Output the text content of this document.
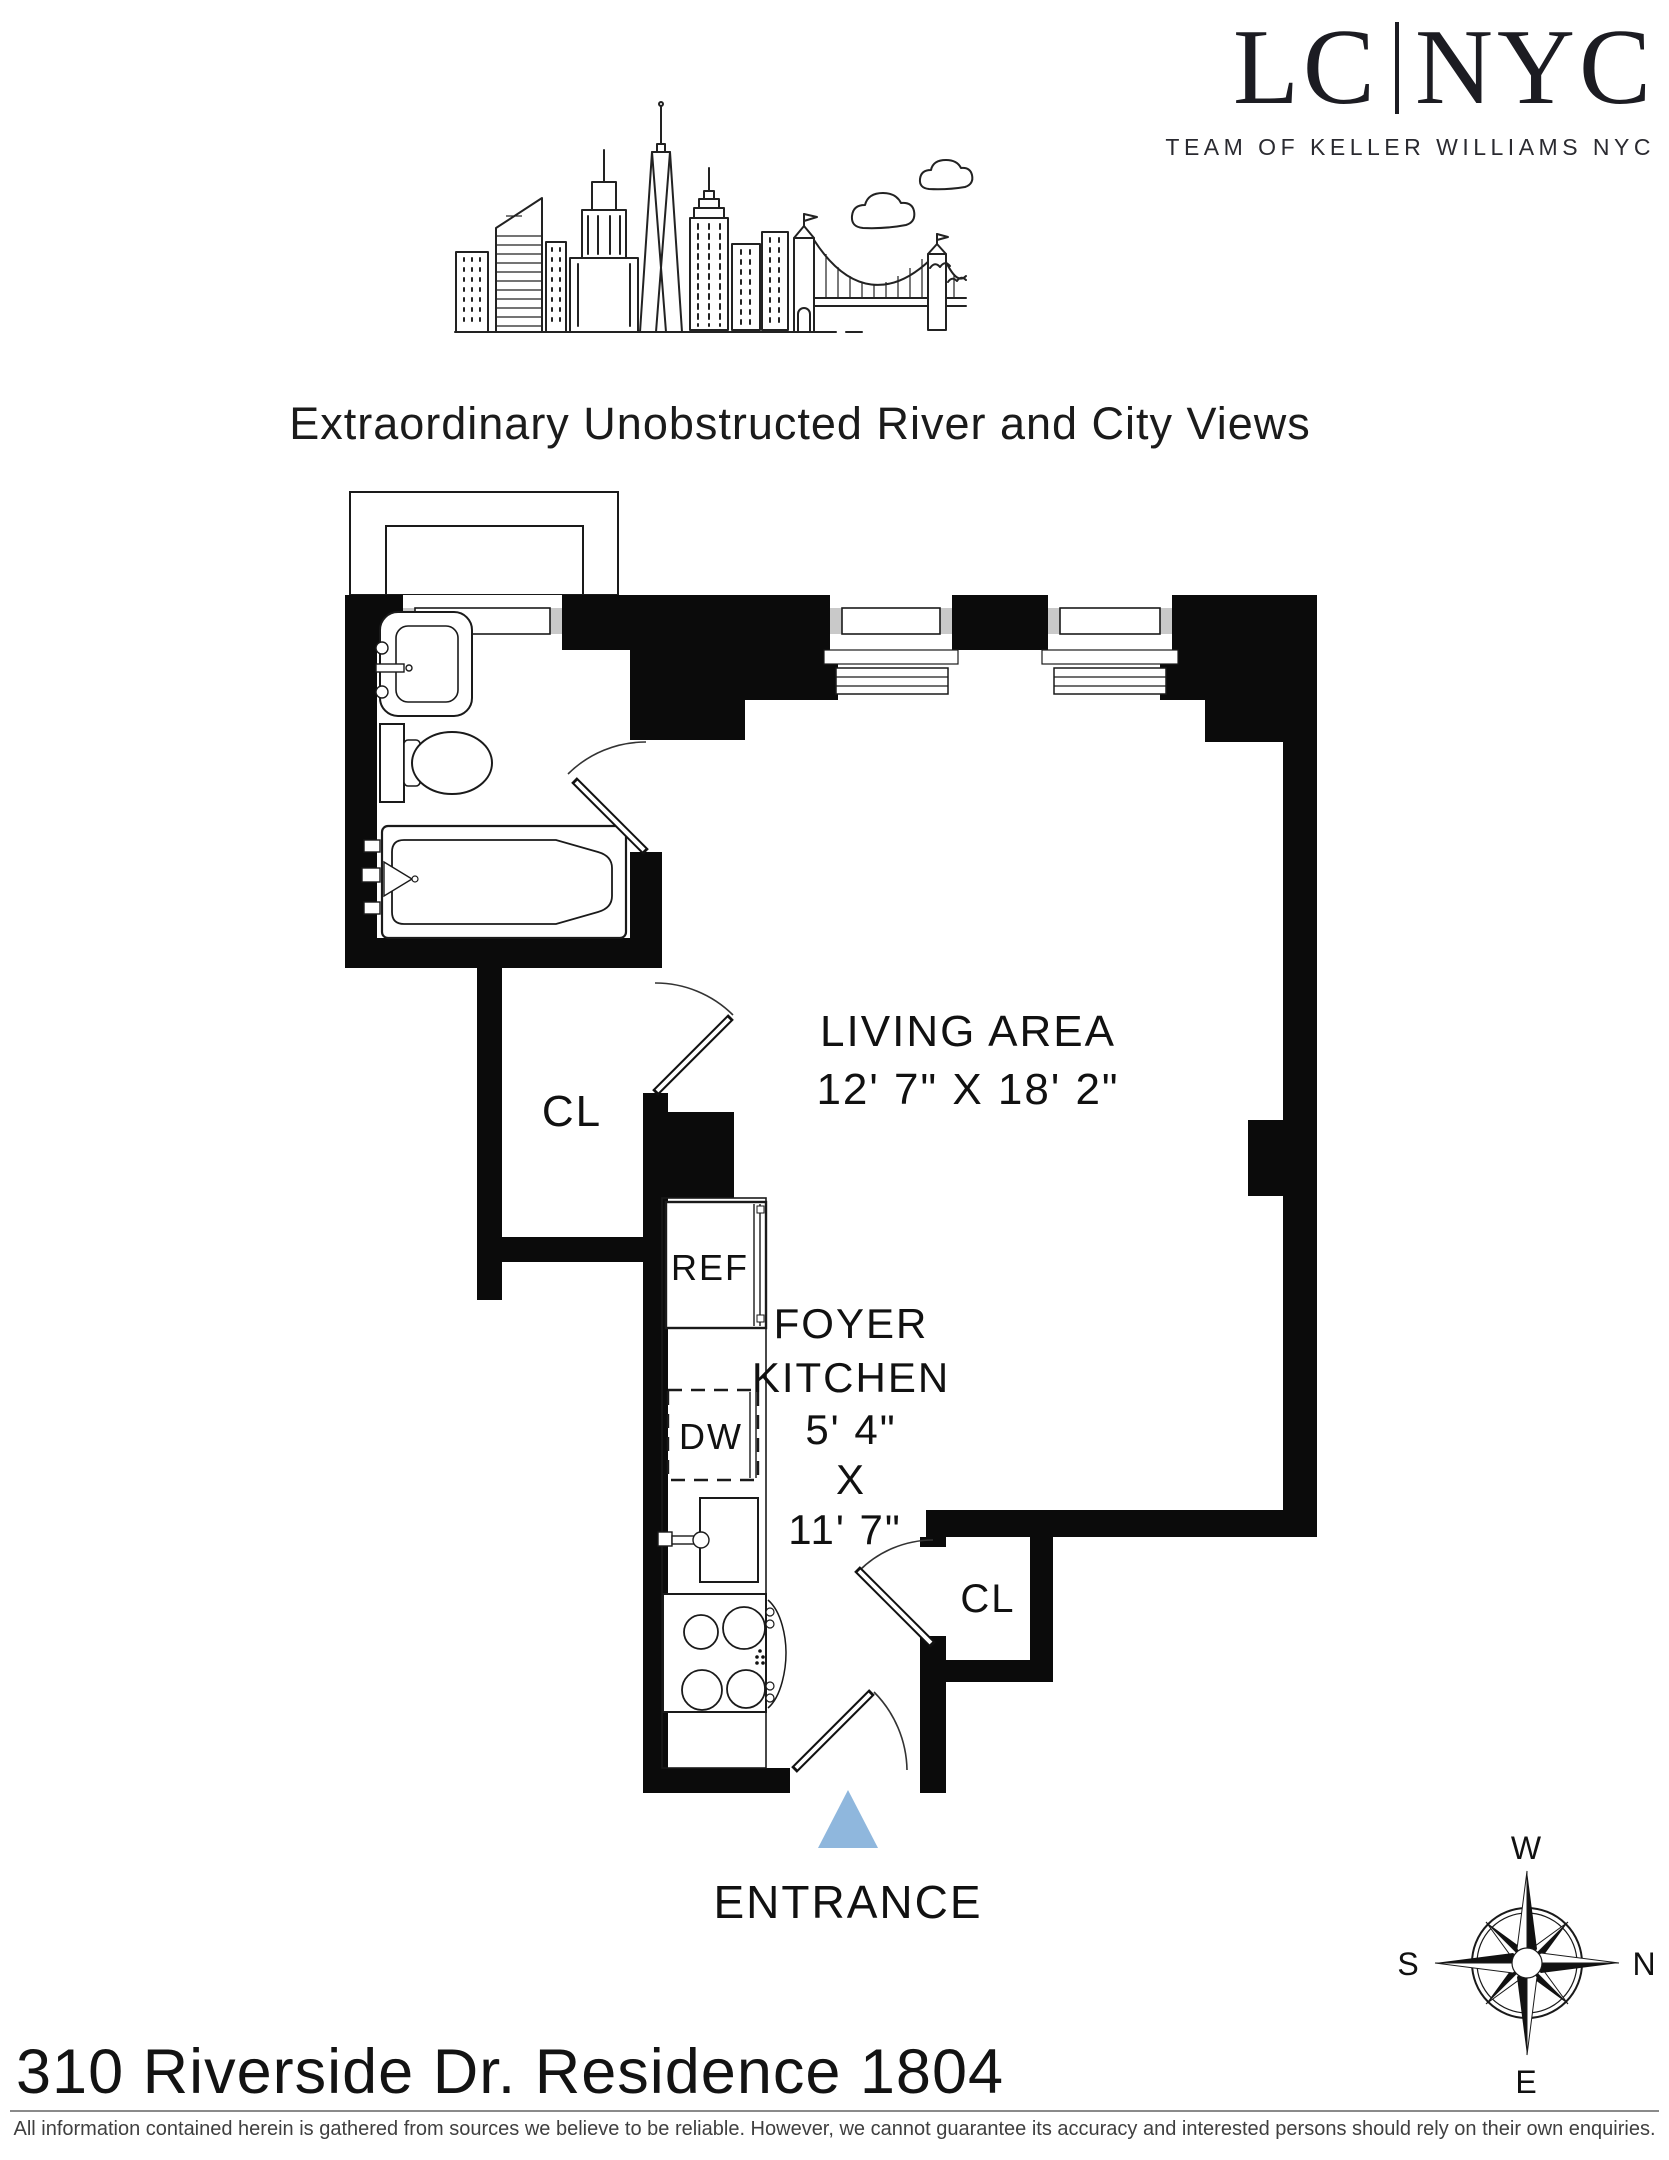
LC NYC
TEAM OF KELLER WILLIAMS NYC
Extraordinary Unobstructed River and City Views
CL
REF
DW
CL
ENTRANCE
LIVING AREA
12' 7" X 18' 2"
FOYER
KITCHEN
5' 4"
X
11' 7"
W
N
S
E
310 Riverside Dr. Residence 1804
All information contained herein is gathered from sources we believe to be reliable. However, we cannot guarantee its accuracy and interested persons should rely on their own enquiries.
